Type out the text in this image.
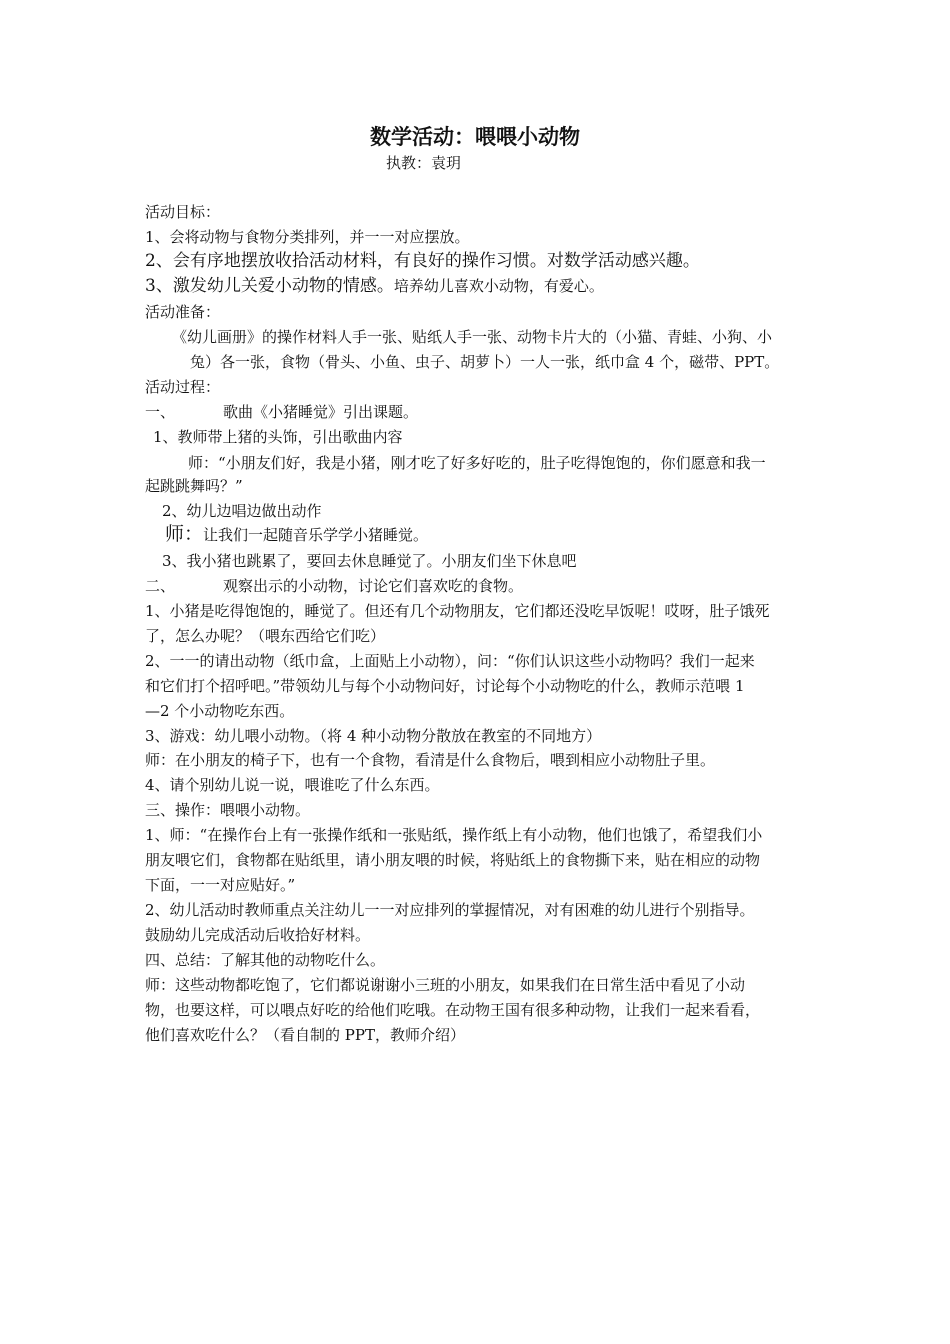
数学活动：喂喂小动物
执教：袁玥
活动目标：
1、会将动物与食物分类排列，并一一对应摆放。
2、会有序地摆放收拾活动材料，有良好的操作习惯。对数学活动感兴趣。
3、激发幼儿关爱小动物的情感。培养幼儿喜欢小动物，有爱心。
活动准备：
《幼儿画册》的操作材料人手一张、贴纸人手一张、动物卡片大的（小猫、青蛙、小狗、小
兔）各一张，食物（骨头、小鱼、虫子、胡萝卜）一人一张，纸巾盒 4 个，磁带、PPT。
活动过程：
一、	歌曲《小猪睡觉》引出课题。
1、教师带上猪的头饰，引出歌曲内容
师：“小朋友们好，我是小猪，刚才吃了好多好吃的，肚子吃得饱饱的，你们愿意和我一
起跳跳舞吗？”
2、幼儿边唱边做出动作
师：让我们一起随音乐学学小猪睡觉。
3、我小猪也跳累了，要回去休息睡觉了。小朋友们坐下休息吧
二、	观察出示的小动物，讨论它们喜欢吃的食物。
1、小猪是吃得饱饱的，睡觉了。但还有几个动物朋友，它们都还没吃早饭呢！哎呀，肚子饿死
了，怎么办呢？（喂东西给它们吃）
2、一一的请出动物（纸巾盒，上面贴上小动物），问：“你们认识这些小动物吗？我们一起来
和它们打个招呼吧。”带领幼儿与每个小动物问好，讨论每个小动物吃的什么，教师示范喂 1
—2 个小动物吃东西。
3、游戏：幼儿喂小动物。（将 4 种小动物分散放在教室的不同地方）
师：在小朋友的椅子下，也有一个食物，看清是什么食物后，喂到相应小动物肚子里。
4、请个别幼儿说一说，喂谁吃了什么东西。
三、操作：喂喂小动物。
1、师：“在操作台上有一张操作纸和一张贴纸，操作纸上有小动物，他们也饿了，希望我们小
朋友喂它们，食物都在贴纸里，请小朋友喂的时候，将贴纸上的食物撕下来，贴在相应的动物
下面，一一对应贴好。”
2、幼儿活动时教师重点关注幼儿一一对应排列的掌握情况，对有困难的幼儿进行个别指导。
鼓励幼儿完成活动后收拾好材料。
四、总结：了解其他的动物吃什么。
师：这些动物都吃饱了，它们都说谢谢小三班的小朋友，如果我们在日常生活中看见了小动
物，也要这样，可以喂点好吃的给他们吃哦。在动物王国有很多种动物，让我们一起来看看，
他们喜欢吃什么？（看自制的 PPT，教师介绍）
